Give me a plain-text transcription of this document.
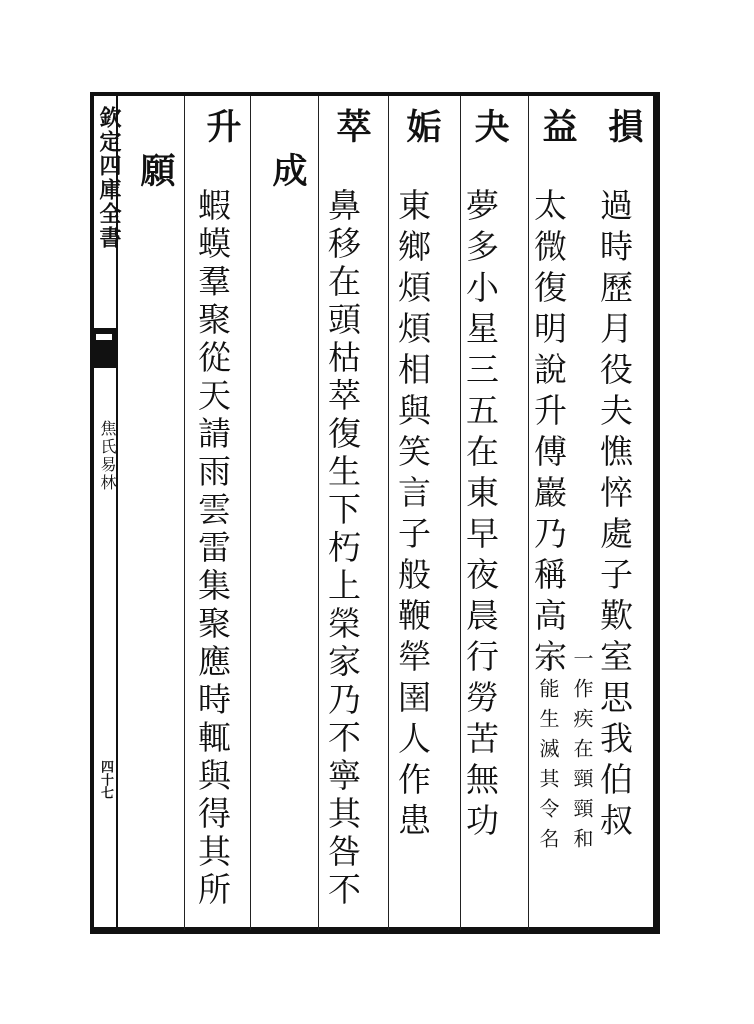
欽定四庫全書
焦氏易林
四十七
損
過時歷月役夫憔悴處子歎室思我伯叔
益
太微復明說升傅巖乃稱高宗
一作疾在頸頸和
不能生滅其令名
夬
夢多小星三五在東早夜晨行勞苦無功
姤
東鄉煩煩相與笑言子般鞭犖圉人作患
萃
鼻移在頭枯萃復生下朽上榮家乃不寧其咎不
成
升
蝦蟆羣聚從天請雨雲雷集聚應時輒與得其所
願
